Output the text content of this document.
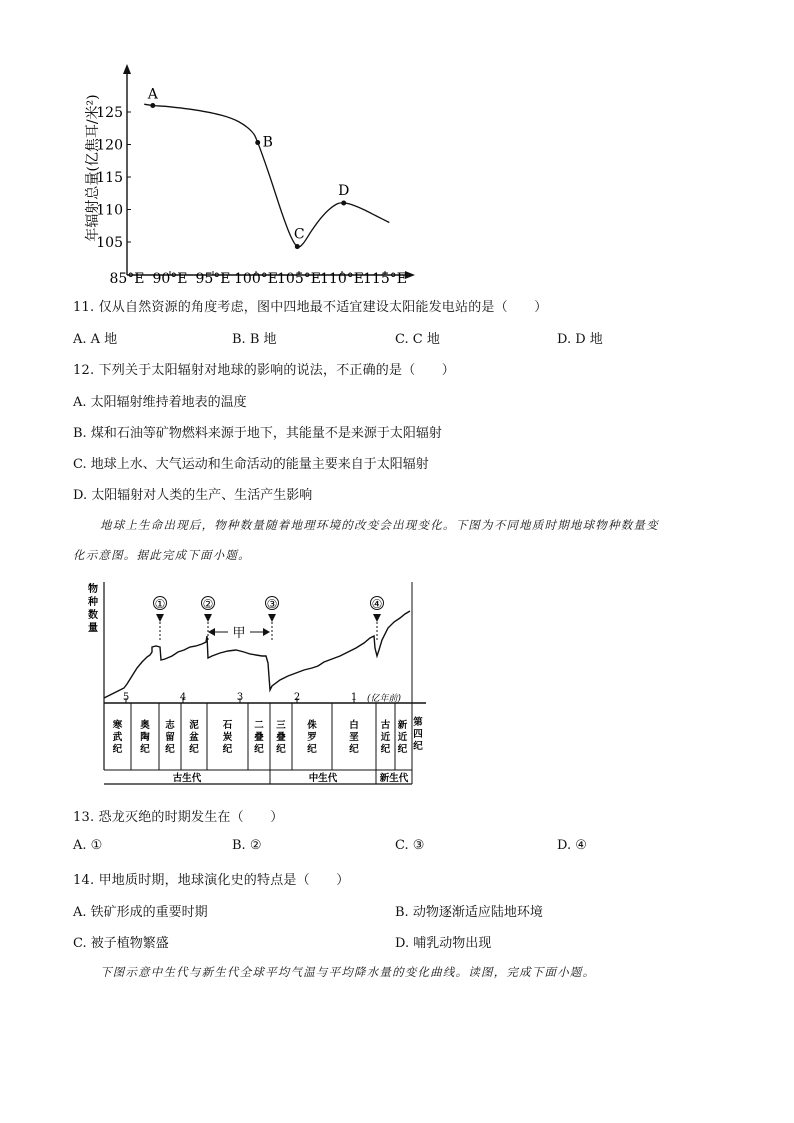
年辐射总量(亿焦耳/米²)
105
110
115
120
125
85°E 90°E 95°E 100°E 105°E 110°E 115°E
A
B
C
D
11. 仅从自然资源的角度考虑，图中四地最不适宜建设太阳能发电站的是（　　）
A. A 地	B. B 地	C. C 地	D. D 地
12. 下列关于太阳辐射对地球的影响的说法，不正确的是（　　）
A. 太阳辐射维持着地表的温度
B. 煤和石油等矿物燃料来源于地下，其能量不是来源于太阳辐射
C. 地球上水、大气运动和生命活动的能量主要来自于太阳辐射
D. 太阳辐射对人类的生产、生活产生影响
地球上生命出现后，物种数量随着地理环境的改变会出现变化。下图为不同地质时期地球物种数量变
化示意图。据此完成下面小题。
物
种
数
量
①	②	③	④
甲
5	4	3	2	1 (亿年前)
寒
武
纪
奥
陶
纪
志
留
纪
泥
盆
纪
石
炭
纪
二
叠
纪
三
叠
纪
侏
罗
纪
白
垩
纪
古
近
纪
新
近
纪
第
四
纪
古生代	中生代	新生代
13. 恐龙灭绝的时期发生在（　　）
A. ①	B. ②	C. ③	D. ④
14. 甲地质时期，地球演化史的特点是（　　）
A. 铁矿形成的重要时期	B. 动物逐渐适应陆地环境
C. 被子植物繁盛	D. 哺乳动物出现
下图示意中生代与新生代全球平均气温与平均降水量的变化曲线。读图，完成下面小题。
